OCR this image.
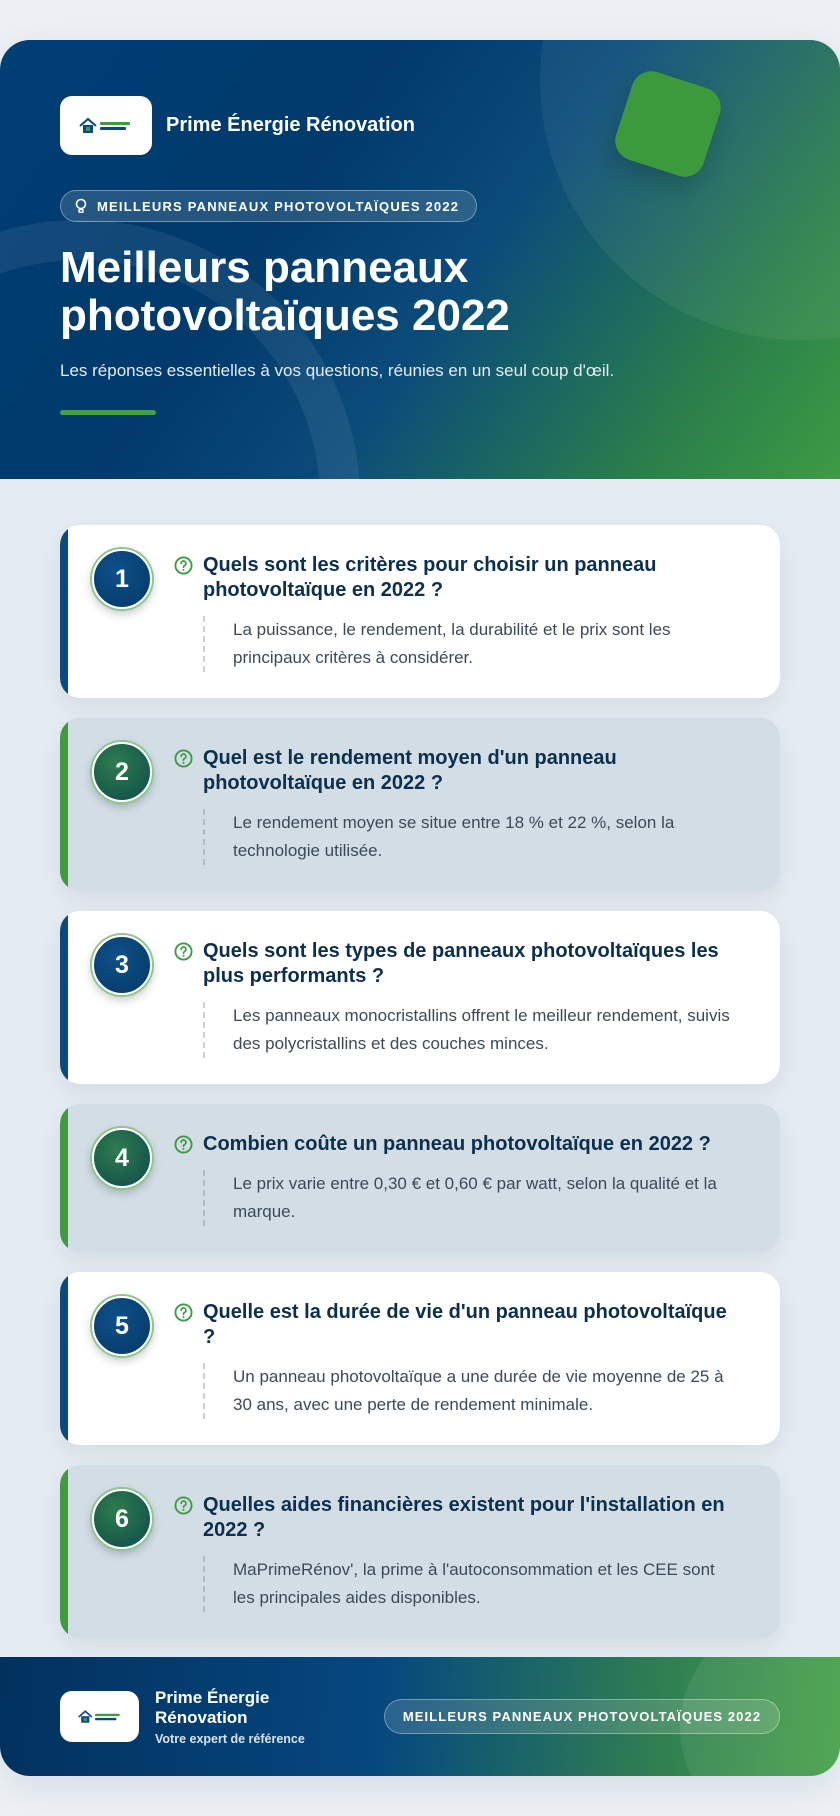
Prime Énergie Rénovation
MEILLEURS PANNEAUX PHOTOVOLTAÏQUES 2022
Meilleurs panneaux photovoltaïques 2022

Les réponses essentielles à vos questions, réunies en un seul coup d'œil.

1	Quels sont les critères pour choisir un panneau photovoltaïque en 2022 ?
La puissance, le rendement, la durabilité et le prix sont les principaux critères à considérer.
2	Quel est le rendement moyen d'un panneau photovoltaïque en 2022 ?
Le rendement moyen se situe entre 18 % et 22 %, selon la technologie utilisée.
3	Quels sont les types de panneaux photovoltaïques les plus performants ?
Les panneaux monocristallins offrent le meilleur rendement, suivis des polycristallins et des couches minces.
4	Combien coûte un panneau photovoltaïque en 2022 ?
Le prix varie entre 0,30 € et 0,60 € par watt, selon la qualité et la marque.
5	Quelle est la durée de vie d'un panneau photovoltaïque ?
Un panneau photovoltaïque a une durée de vie moyenne de 25 à 30 ans, avec une perte de rendement minimale.
6	Quelles aides financières existent pour l'installation en 2022 ?
MaPrimeRénov', la prime à l'autoconsommation et les CEE sont les principales aides disponibles.
Prime Énergie Rénovation
Votre expert de référence
MEILLEURS PANNEAUX PHOTOVOLTAÏQUES 2022
